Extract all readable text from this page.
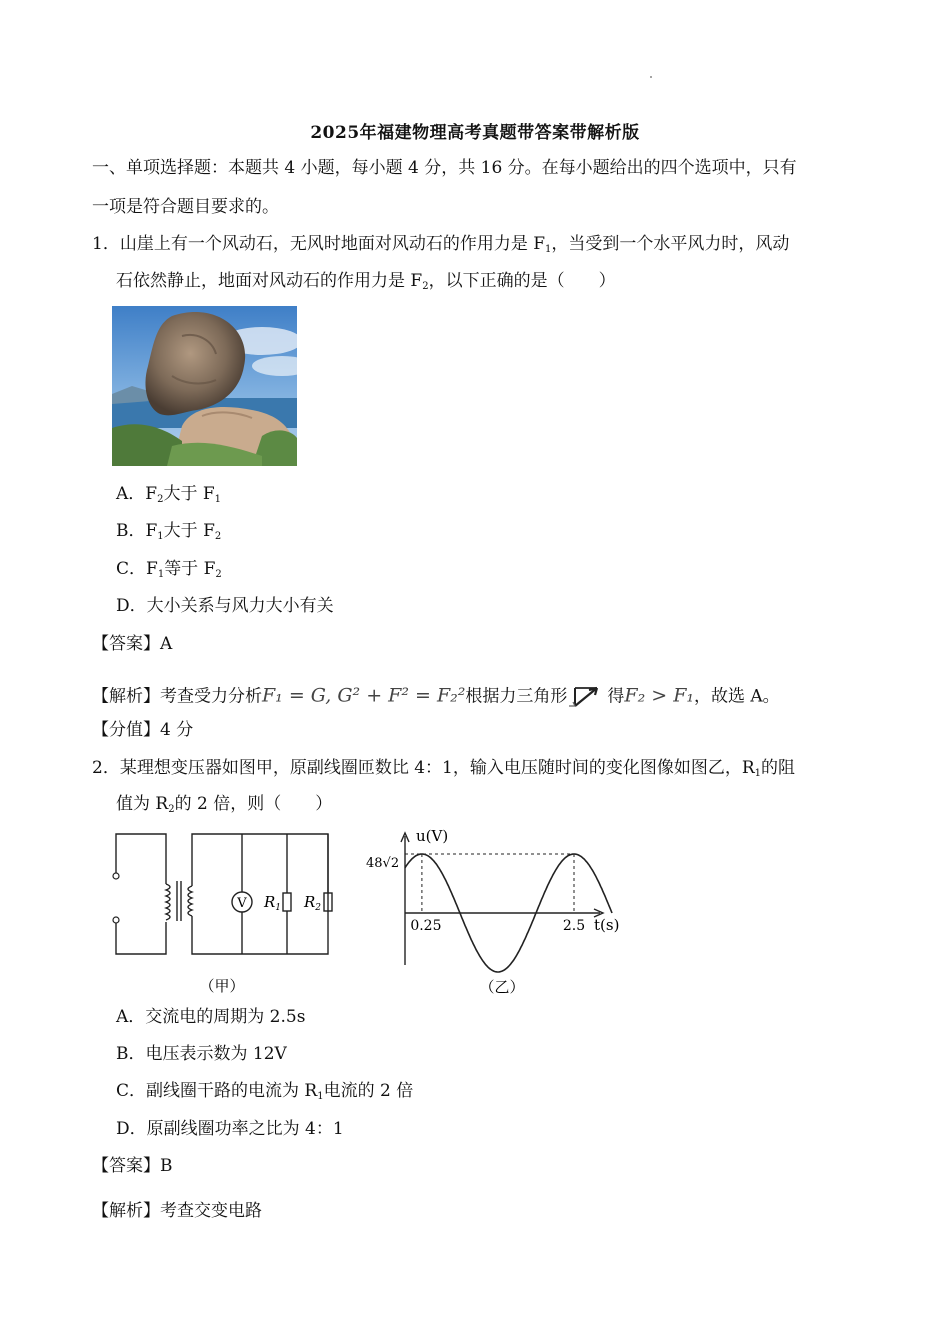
2025年福建物理高考真题带答案带解析版
一、单项选择题：本题共 4 小题，每小题 4 分，共 16 分。在每小题给出的四个选项中，只有
一项是符合题目要求的。
1．山崖上有一个风动石，无风时地面对风动石的作用力是 $F_1$，当受到一个水平风力时，风动
石依然静止，地面对风动石的作用力是 $F_2$，以下正确的是（　　）
A．$F_2$大于 $F_1$
B．$F_1$大于 $F_2$
C．$F_1$等于 $F_2$
D．大小关系与风力大小有关
【答案】A
【解析】考查受力分析F₁ = G, G² + F² = F₂²根据力三角形 得F₂ > F₁，故选 A。
【分值】4 分
2．某理想变压器如图甲，原副线圈匝数比 4：1，输入电压随时间的变化图像如图乙，$R_1$的阻
值为 $R_2$的 2 倍，则（　　）
V $R_1$ $R_2$
（甲）
u(V)
48√2
0.25	2.5 t(s)
（乙）
A．交流电的周期为 2.5s
B．电压表示数为 12V
C．副线圈干路的电流为 $R_1$电流的 2 倍
D．原副线圈功率之比为 4：1
【答案】B
【解析】考查交变电路
